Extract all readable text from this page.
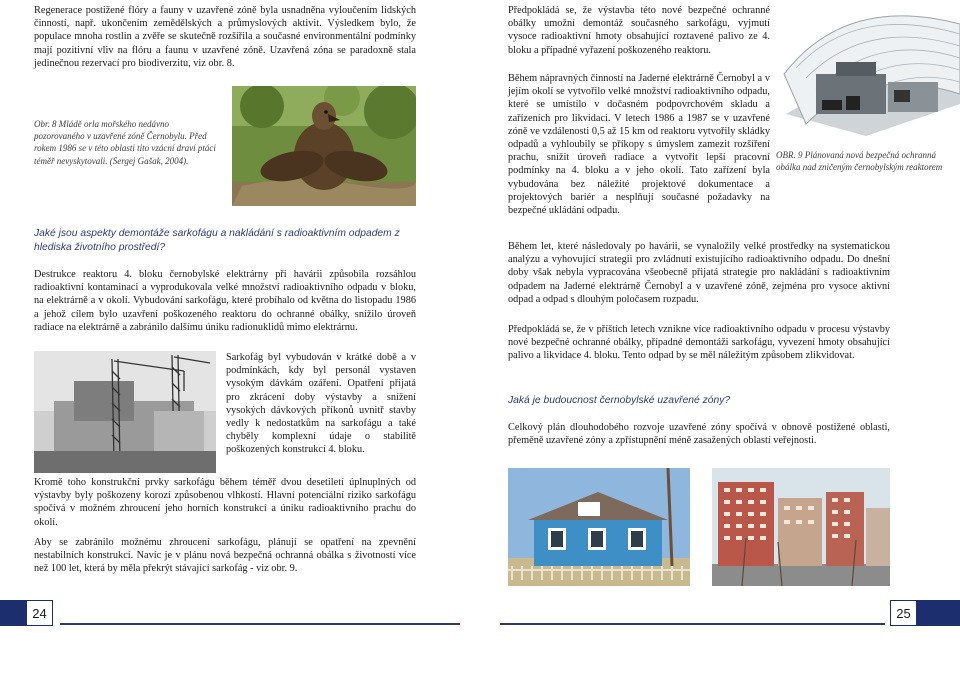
Regenerace postižené flóry a fauny v uzavřené zóně byla usnadněna vyloučením lidských činností, např. ukončením zemědělských a průmyslových aktivit. Výsledkem bylo, že populace mnoha rostlin a zvěře se skutečně rozšířila a současné environmentální podmínky mají pozitivní vliv na flóru a faunu v uzavřené zóně. Uzavřená zóna se paradoxně stala jedinečnou rezervací pro biodiverzitu, viz obr. 8.

Obr. 8 Mládě orla mořského nedávno pozorovaného v uzavřené zóně Černobylu. Před rokem 1986 se v této oblasti tito vzácní draví ptáci téměř nevyskytovali. (Sergej Gašak, 2004).

Jaké jsou aspekty demontáže sarkofágu a nakládání s radioaktivním odpadem z hlediska životního prostředí?

Destrukce reaktoru 4. bloku černobylské elektrárny při havárii způsobila rozsáhlou radioaktivní kontaminaci a vyprodukovala velké množství radioaktivního odpadu v bloku, na elektrárně a v okolí. Vybudování sarkofágu, které probíhalo od května do listopadu 1986 a jehož cílem bylo uzavření poškozeného reaktoru do ochranné obálky, snížilo úroveň radiace na elektrárně a zabránilo dalšímu úniku radionuklidů mimo elektrárnu.

Sarkofág byl vybudován v krátké době a v podmínkách, kdy byl personál vystaven vysokým dávkám ozáření. Opatření přijatá pro zkrácení doby výstavby a snížení vysokých dávkových příkonů uvnitř stavby vedly k nedostatkům na sarkofágu a také chyběly komplexní údaje o stabilitě poškozených konstrukcí 4. bloku.

Kromě toho konstrukční prvky sarkofágu během téměř dvou desetiletí úplnuplných od výstavby byly poškozeny korozí způsobenou vlhkostí. Hlavní potenciální riziko sarkofágu spočívá v možném zhroucení jeho horních konstrukcí a úniku radioaktivního prachu do okolí.

Aby se zabránilo možnému zhroucení sarkofágu, plánují se opatření na zpevnění nestabilních konstrukcí. Navíc je v plánu nová bezpečná ochranná obálka s životností více než 100 let, která by měla překrýt stávající sarkofág - viz obr. 9.

Předpokládá se, že výstavba této nové bezpečné ochranné obálky umožní demontáž současného sarkofágu, vyjmutí vysoce radioaktivní hmoty obsahující roztavené palivo ze 4. bloku a případné vyřazení poškozeného reaktoru.

Během nápravných činností na Jaderné elektrárně Černobyl a v jejím okolí se vytvořilo velké množství radioaktivního odpadu, které se umístilo v dočasném podpovrchovém skladu a zařízeních pro likvidaci. V letech 1986 a 1987 se v uzavřené zóně ve vzdálenosti 0,5 až 15 km od reaktoru vytvořily skládky odpadů a vyhloubily se příkopy s úmyslem zamezit rozšíření prachu, snížit úroveň radiace a vytvořit lepší pracovní podmínky na 4. bloku a v jeho okolí. Tato zařízení byla vybudována bez náležité projektové dokumentace a projektových bariér a nesplňují současné požadavky na bezpečné ukládání odpadu.

OBR. 9 Plánovaná nová bezpečná ochranná obálka nad zničeným černobylským reaktorem

Během let, které následovaly po havárii, se vynaložily velké prostředky na systematickou analýzu a vyhovující strategii pro zvládnutí existujícího radioaktivního odpadu. Do dnešní doby však nebyla vypracována všeobecně přijatá strategie pro nakládání s radioaktivním odpadem na Jaderné elektrárně Černobyl a v uzavřené zóně, zejména pro vysoce aktivní odpad a odpad s dlouhým poločasem rozpadu.

Předpokládá se, že v příštích letech vznikne více radioaktivního odpadu v procesu výstavby nové bezpečné ochranné obálky, případné demontáži sarkofágu, vyvezení hmoty obsahující palivo a likvidace 4. bloku. Tento odpad by se měl náležitým způsobem zlikvidovat.

Jaká je budoucnost černobylské uzavřené zóny?

Celkový plán dlouhodobého rozvoje uzavřené zóny spočívá v obnově postižené oblasti, přeměně uzavřené zóny a zpřístupnění méně zasažených oblastí veřejnosti.

24	25
